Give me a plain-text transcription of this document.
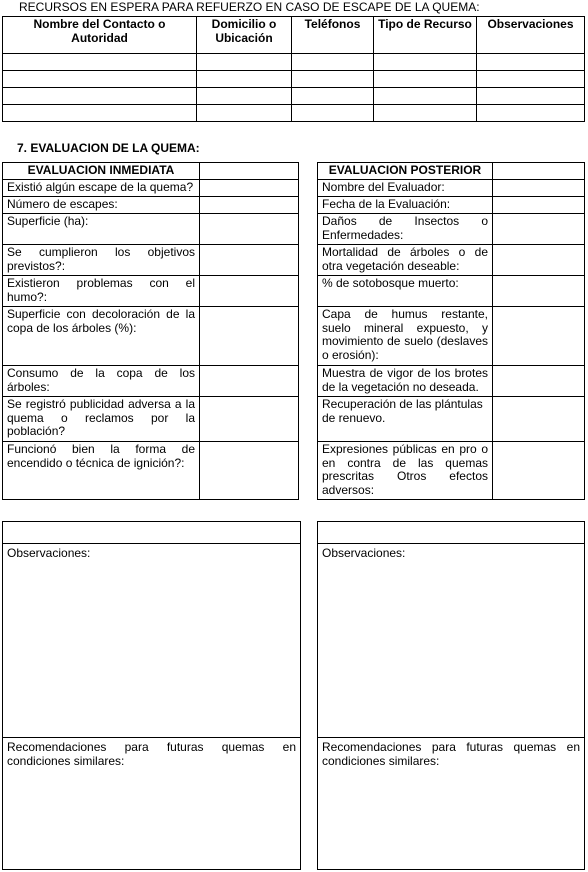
RECURSOS EN ESPERA PARA REFUERZO EN CASO DE ESCAPE DE LA QUEMA:
Nombre del Contacto o Autoridad	Domicilio o Ubicación	Teléfonos	Tipo de Recurso	Observaciones

7. EVALUACION DE LA QUEMA:
EVALUACION INMEDIATA	
Existió algún escape de la quema?	
Número de escapes:	
Superficie (ha):	
Se cumplieron los objetivos previstos?:	
Existieron problemas con el humo?:	
Superficie con decoloración de la copa de los árboles (%):	
Consumo de la copa de los árboles:	
Se registró publicidad adversa a la quema o reclamos por la población?	
Funcionó bien la forma de encendido o técnica de ignición?:	
EVALUACION POSTERIOR	
Nombre del Evaluador:	
Fecha de la Evaluación:	
Daños de Insectos o Enfermedades:	
Mortalidad de árboles o de otra vegetación deseable:	
% de sotobosque muerto:	
Capa de humus restante, suelo mineral expuesto, y movimiento de suelo (deslaves o erosión):	
Muestra de vigor de los brotes de la vegetación no deseada.	
Recuperación de las plántulas de renuevo.	
Expresiones públicas en pro o en contra de las quemas prescritas Otros efectos adversos:	

Observaciones:
Recomendaciones para futuras quemas en condiciones similares:

Observaciones:
Recomendaciones para futuras quemas en condiciones similares:
